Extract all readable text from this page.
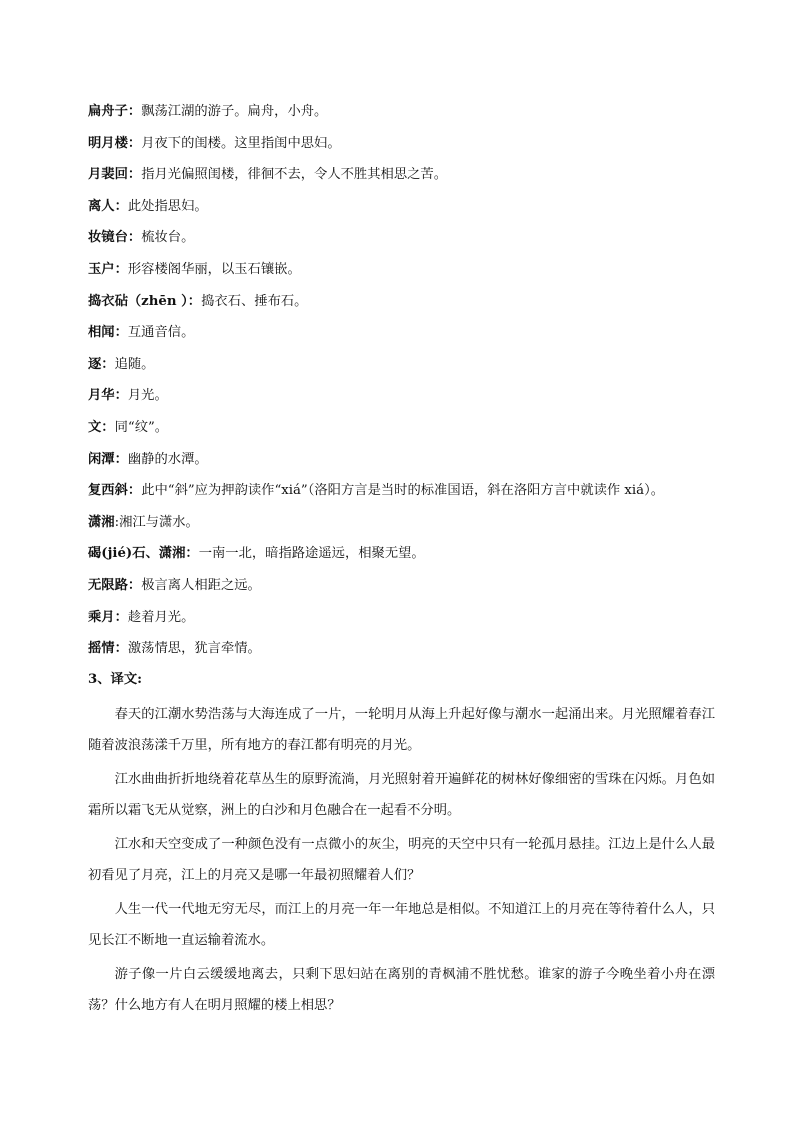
扁舟子：飘荡江湖的游子。扁舟，小舟。
明月楼：月夜下的闺楼。这里指闺中思妇。
月裴回：指月光偏照闺楼，徘徊不去，令人不胜其相思之苦。
离人：此处指思妇。
妆镜台：梳妆台。
玉户：形容楼阁华丽，以玉石镶嵌。
捣衣砧（zhēn ）：捣衣石、捶布石。
相闻：互通音信。
逐：追随。
月华：月光。
文：同“纹”。
闲潭：幽静的水潭。
复西斜：此中“斜”应为押韵读作“xiá”（洛阳方言是当时的标准国语，斜在洛阳方言中就读作 xiá）。
潇湘:湘江与潇水。
碣(jié)石、潇湘：一南一北，暗指路途遥远，相聚无望。
无限路：极言离人相距之远。
乘月：趁着月光。
摇情：激荡情思，犹言牵情。
3、译文:

春天的江潮水势浩荡与大海连成了一片，一轮明月从海上升起好像与潮水一起涌出来。月光照耀着春江随着波浪荡漾千万里，所有地方的春江都有明亮的月光。

江水曲曲折折地绕着花草丛生的原野流淌，月光照射着开遍鲜花的树林好像细密的雪珠在闪烁。月色如霜所以霜飞无从觉察，洲上的白沙和月色融合在一起看不分明。

江水和天空变成了一种颜色没有一点微小的灰尘，明亮的天空中只有一轮孤月悬挂。江边上是什么人最初看见了月亮，江上的月亮又是哪一年最初照耀着人们？

人生一代一代地无穷无尽，而江上的月亮一年一年地总是相似。不知道江上的月亮在等待着什么人，只见长江不断地一直运输着流水。

游子像一片白云缓缓地离去，只剩下思妇站在离别的青枫浦不胜忧愁。谁家的游子今晚坐着小舟在漂荡？什么地方有人在明月照耀的楼上相思？
